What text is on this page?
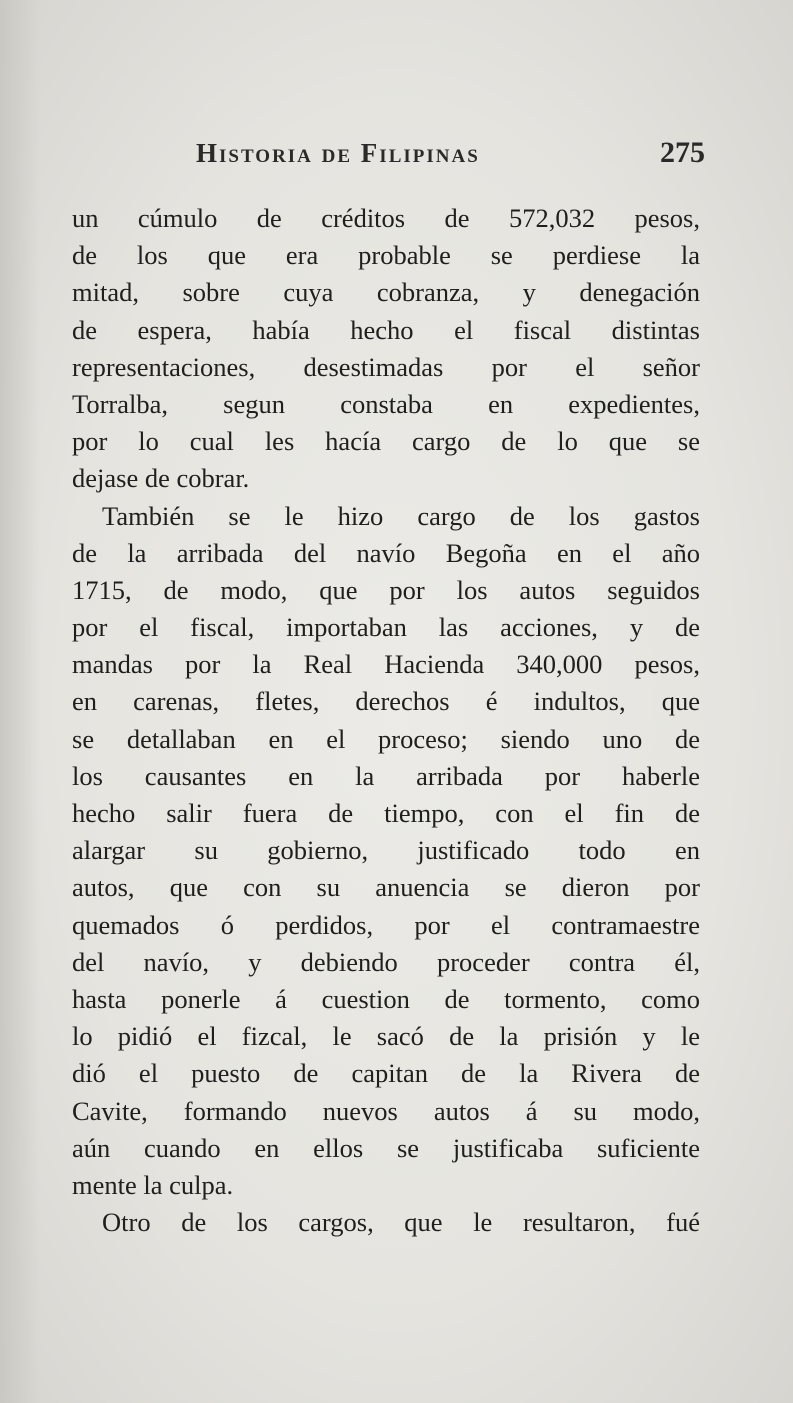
Historia de Filipinas	275
un cúmulo de créditos de 572,032 pesos,
de los que era probable se perdiese la
mitad, sobre cuya cobranza, y denegación
de espera, había hecho el fiscal distintas
representaciones, desestimadas por el señor
Torralba, segun constaba en expedientes,
por lo cual les hacía cargo de lo que se
dejase de cobrar.
También se le hizo cargo de los gastos
de la arribada del navío Begoña en el año
1715, de modo, que por los autos seguidos
por el fiscal, importaban las acciones, y de
mandas por la Real Hacienda 340,000 pesos,
en carenas, fletes, derechos é indultos, que
se detallaban en el proceso; siendo uno de
los causantes en la arribada por haberle
hecho salir fuera de tiempo, con el fin de
alargar su gobierno, justificado todo en
autos, que con su anuencia se dieron por
quemados ó perdidos, por el contramaestre
del navío, y debiendo proceder contra él,
hasta ponerle á cuestion de tormento, como
lo pidió el fizcal, le sacó de la prisión y le
dió el puesto de capitan de la Rivera de
Cavite, formando nuevos autos á su modo,
aún cuando en ellos se justificaba suficiente
mente la culpa.
Otro de los cargos, que le resultaron, fué
